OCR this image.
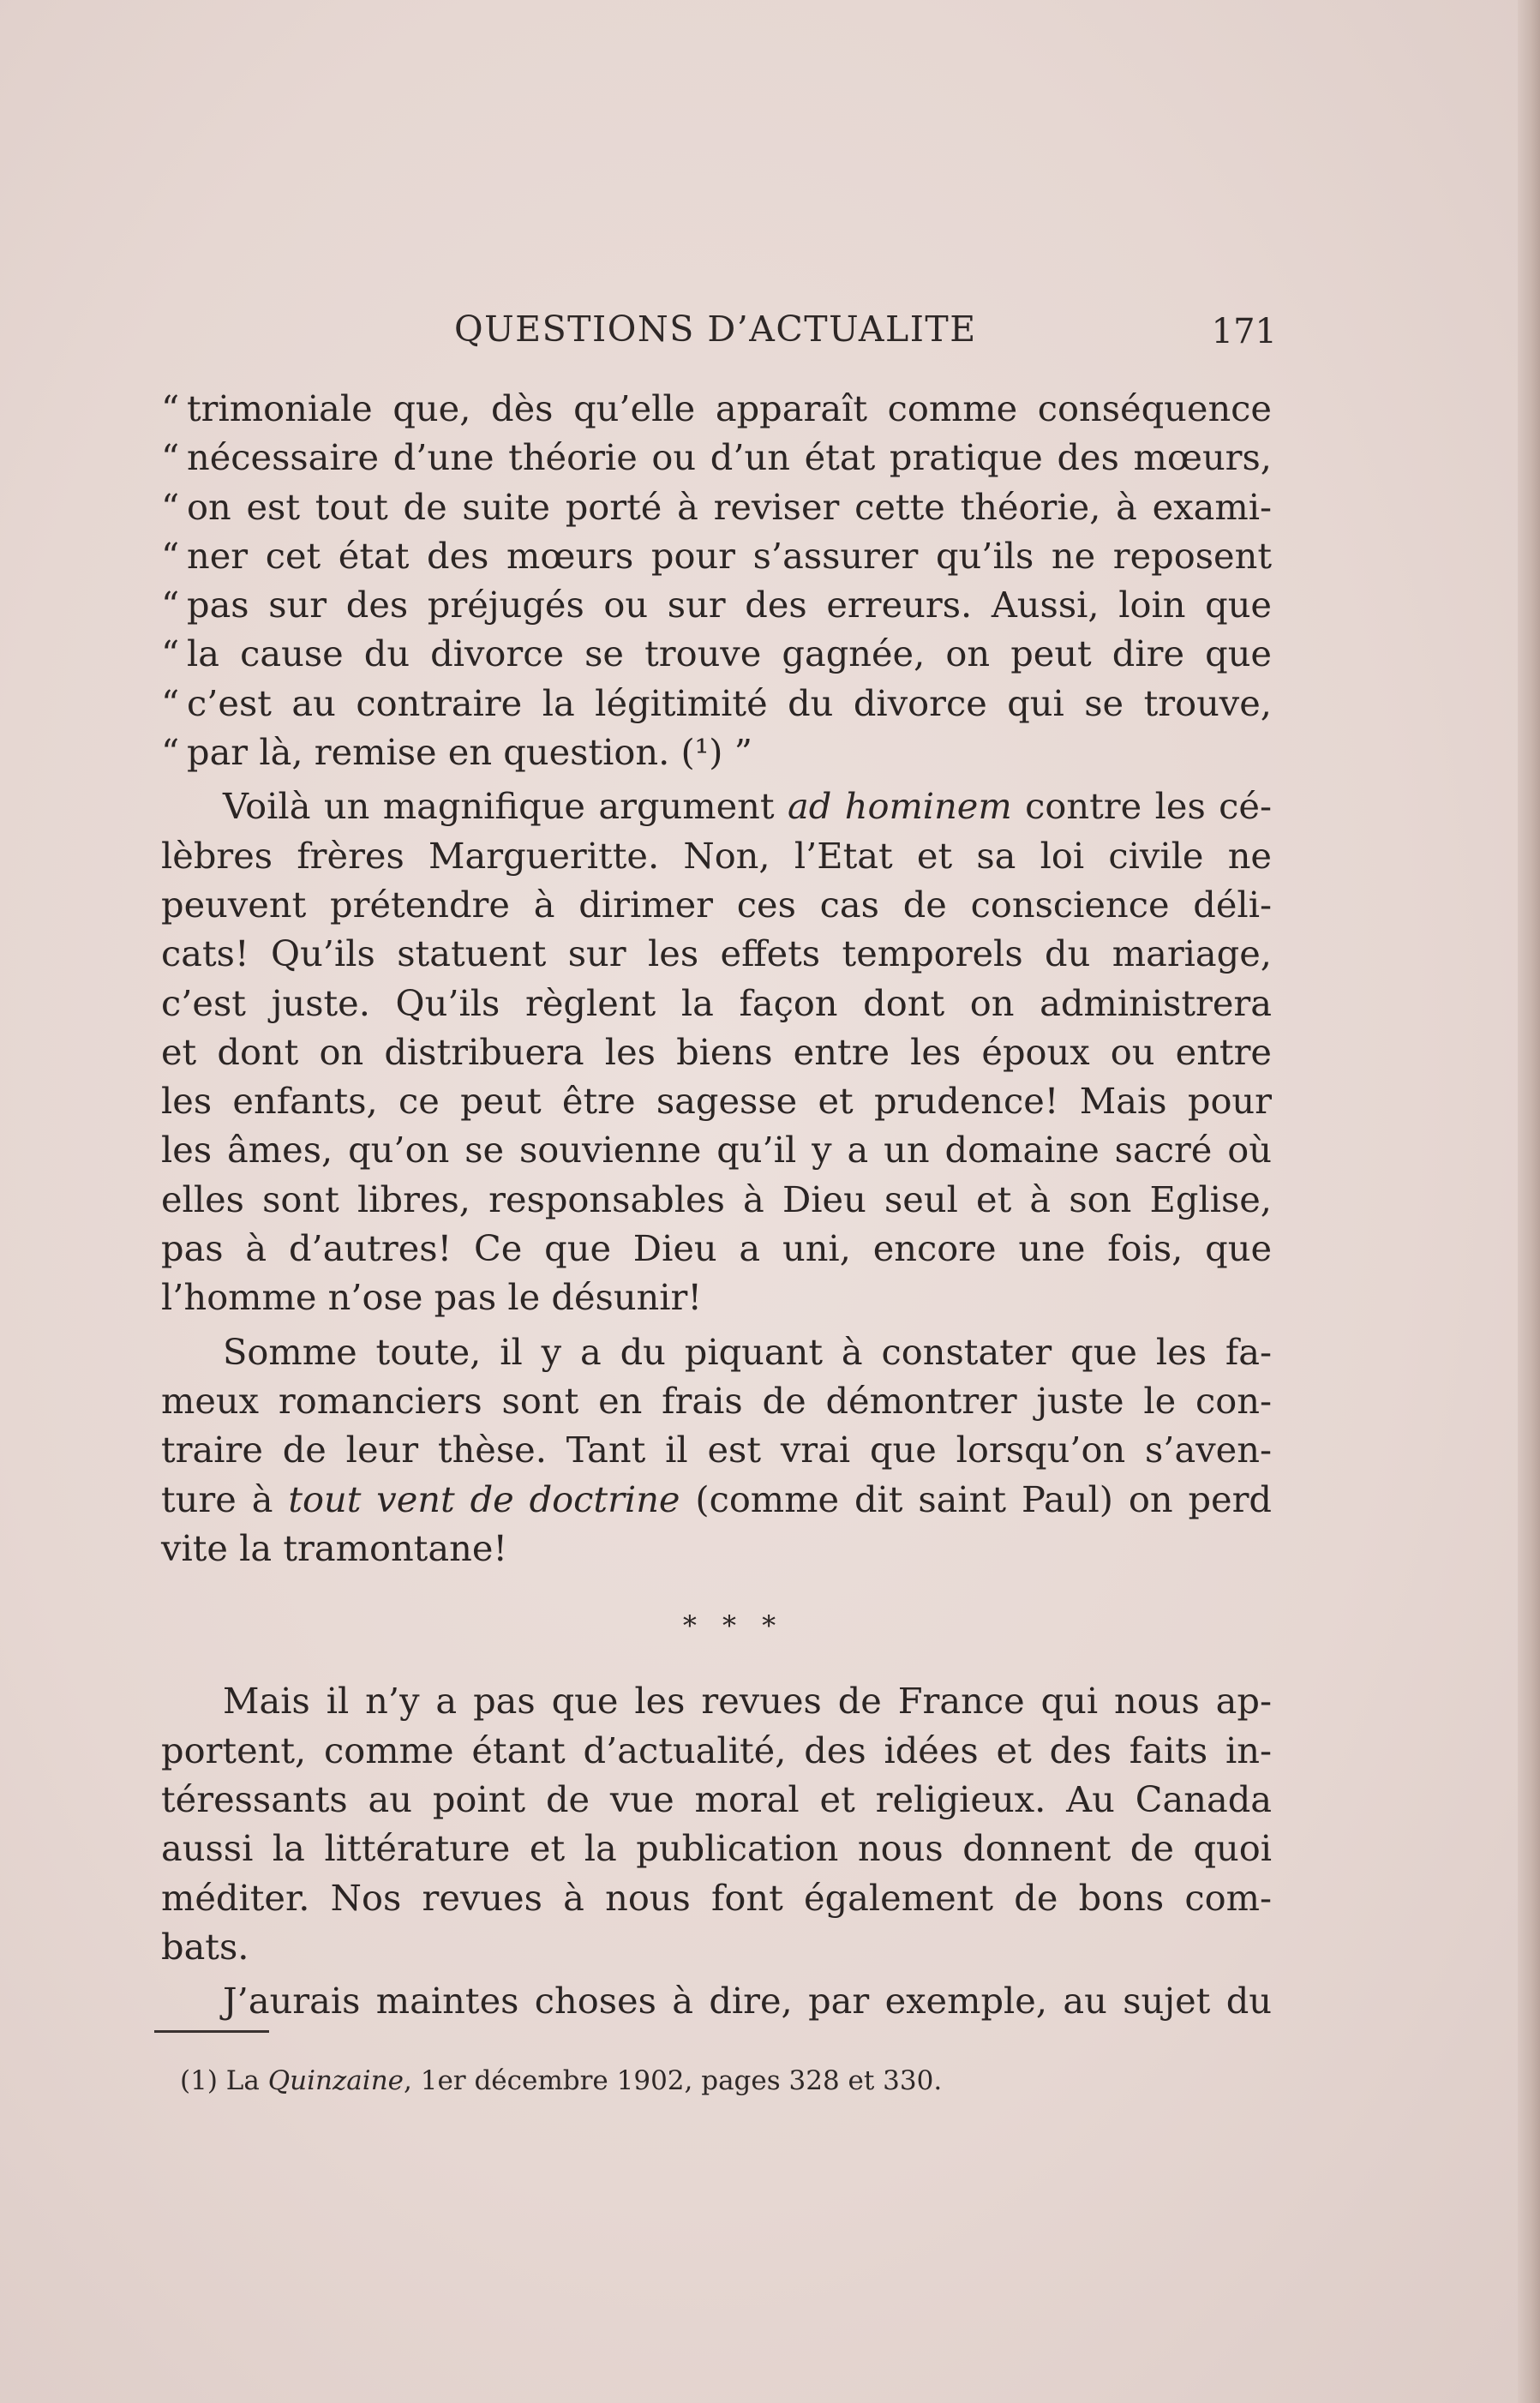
QUESTIONS D’ACTUALITE	171
“ trimoniale que, dès qu’elle apparaît comme conséquence
“ nécessaire d’une théorie ou d’un état pratique des mœurs,
“ on est tout de suite porté à reviser cette théorie, à exami-
“ ner cet état des mœurs pour s’assurer qu’ils ne reposent
“ pas sur des préjugés ou sur des erreurs. Aussi, loin que
“ la cause du divorce se trouve gagnée, on peut dire que
“ c’est au contraire la légitimité du divorce qui se trouve,
“ par là, remise en question. (¹) ”
Voilà un magnifique argument ad hominem contre les cé-
lèbres frères Margueritte. Non, l’Etat et sa loi civile ne
peuvent prétendre à dirimer ces cas de conscience déli-
cats! Qu’ils statuent sur les effets temporels du mariage,
c’est juste. Qu’ils règlent la façon dont on administrera
et dont on distribuera les biens entre les époux ou entre
les enfants, ce peut être sagesse et prudence! Mais pour
les âmes, qu’on se souvienne qu’il y a un domaine sacré où
elles sont libres, responsables à Dieu seul et à son Eglise,
pas à d’autres! Ce que Dieu a uni, encore une fois, que
l’homme n’ose pas le désunir!
Somme toute, il y a du piquant à constater que les fa-
meux romanciers sont en frais de démontrer juste le con-
traire de leur thèse. Tant il est vrai que lorsqu’on s’aven-
ture à tout vent de doctrine (comme dit saint Paul) on perd
vite la tramontane!
* * *
Mais il n’y a pas que les revues de France qui nous ap-
portent, comme étant d’actualité, des idées et des faits in-
téressants au point de vue moral et religieux. Au Canada
aussi la littérature et la publication nous donnent de quoi
méditer. Nos revues à nous font également de bons com-
bats.
J’aurais maintes choses à dire, par exemple, au sujet du
(1) La Quinzaine, 1er décembre 1902, pages 328 et 330.
